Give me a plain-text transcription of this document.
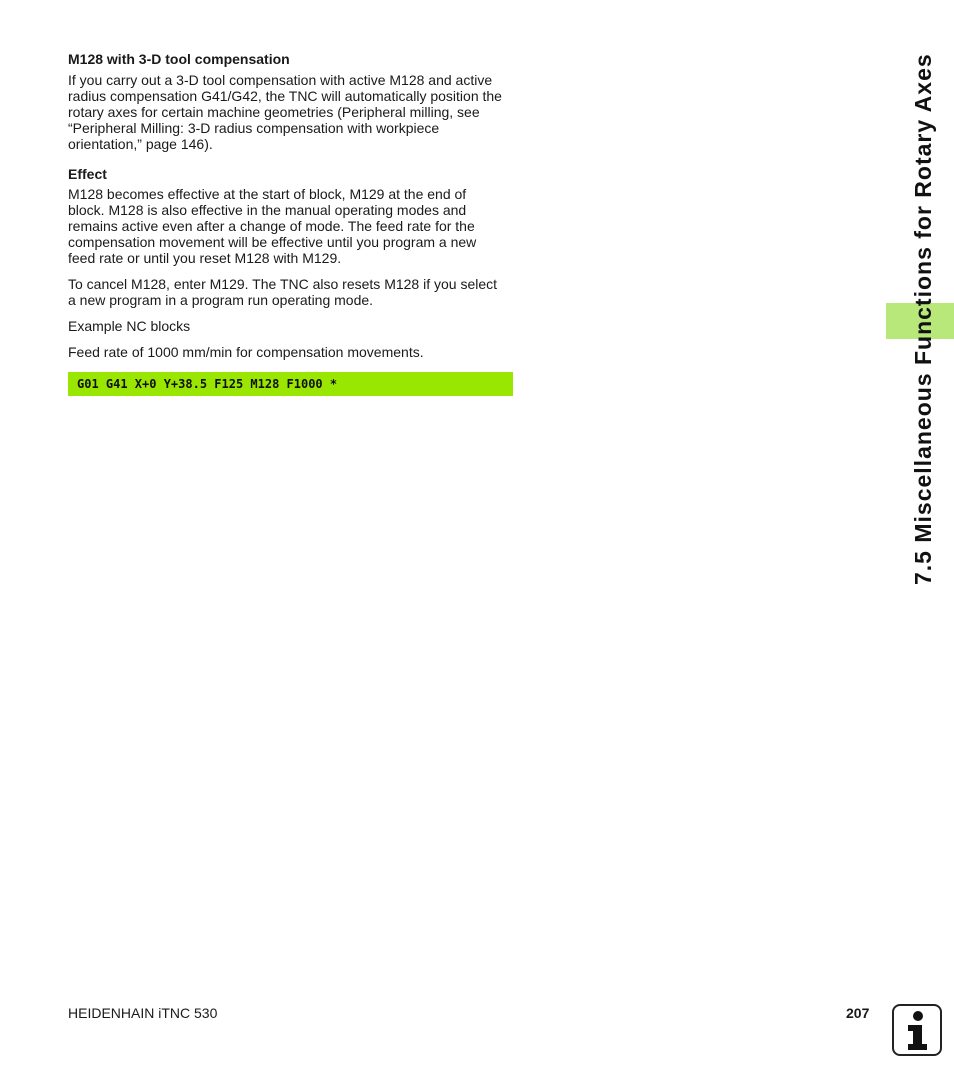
M128 with 3-D tool compensation

If you carry out a 3-D tool compensation with active M128 and active

radius compensation G41/G42, the TNC will automatically position the

rotary axes for certain machine geometries (Peripheral milling, see

“Peripheral Milling: 3-D radius compensation with workpiece

orientation,” page 146).

Effect

M128 becomes effective at the start of block, M129 at the end of

block. M128 is also effective in the manual operating modes and

remains active even after a change of mode. The feed rate for the

compensation movement will be effective until you program a new

feed rate or until you reset M128 with M129.

To cancel M128, enter M129. The TNC also resets M128 if you select

a new program in a program run operating mode.

Example NC blocks

Feed rate of 1000 mm/min for compensation movements.

G01 G41 X+0 Y+38.5 F125 M128 F1000 *	7.5 Miscellaneous Functions for Rotary Axes
HEIDENHAIN iTNC 530	207
